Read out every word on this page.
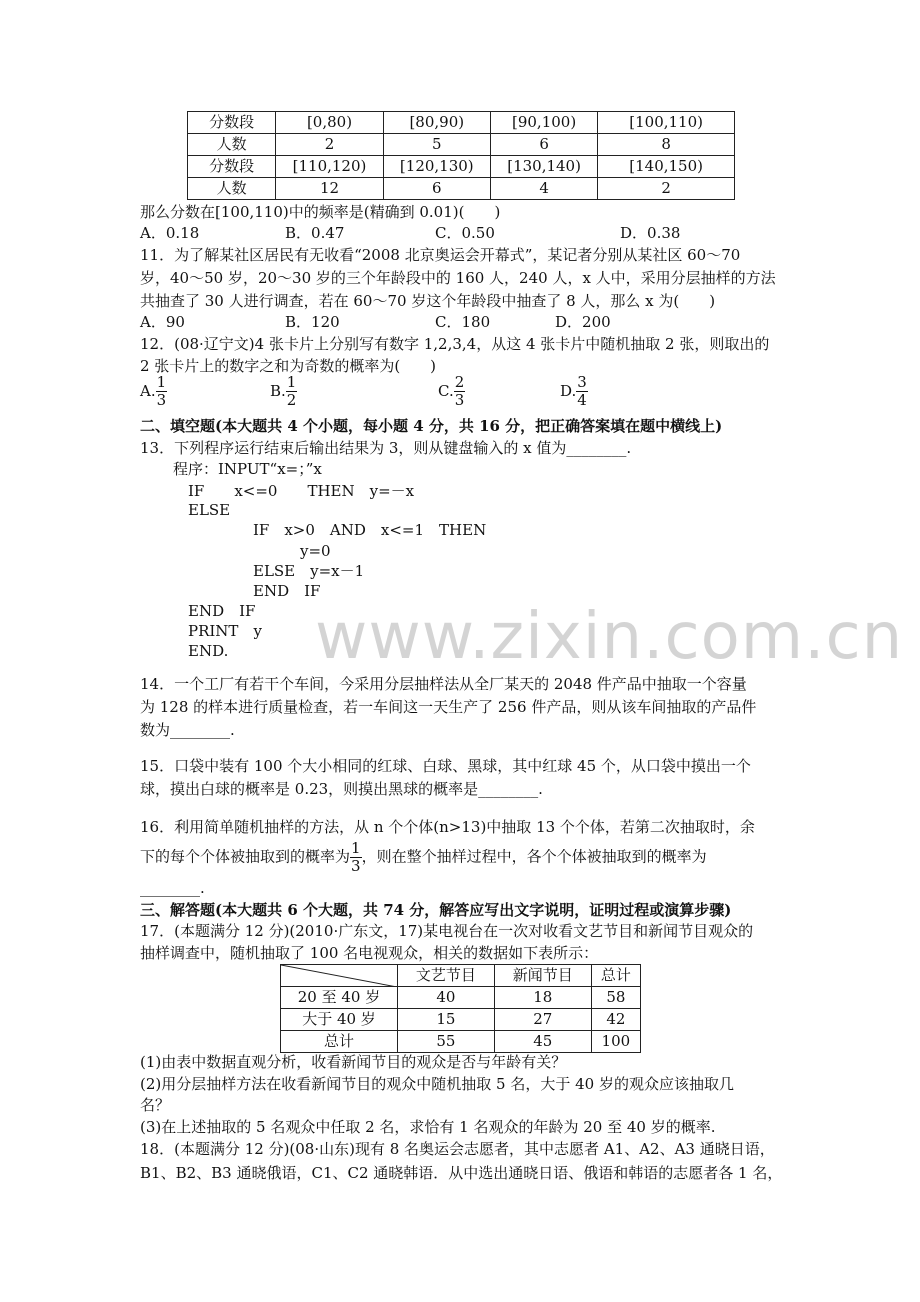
www.zixin.com.cn
分数段	[0,80)	[80,90)	[90,100)	[100,110)
人数	2	5	6	8
分数段	[110,120)	[120,130)	[130,140)	[140,150)
人数	12	6	4	2
那么分数在[100,110)中的频率是(精确到 0.01)(　　)
A．0.18	B．0.47	C．0.50	D．0.38
11．为了解某社区居民有无收看“2008 北京奥运会开幕式”，某记者分别从某社区 60～70
岁，40～50 岁，20～30 岁的三个年龄段中的 160 人，240 人，x 人中，采用分层抽样的方法
共抽查了 30 人进行调查，若在 60～70 岁这个年龄段中抽查了 8 人，那么 x 为(　　)
A．90	B．120	C．180	D．200
12．(08·辽宁文)4 张卡片上分别写有数字 1,2,3,4，从这 4 张卡片中随机抽取 2 张，则取出的
2 张卡片上的数字之和为奇数的概率为(　　)
A. $\frac{1}{3}$	B. $\frac{1}{2}$	C. $\frac{2}{3}$	D. $\frac{3}{4}$
二、填空题(本大题共 4 个小题，每小题 4 分，共 16 分，把正确答案填在题中横线上)
13．下列程序运行结束后输出结果为 3，则从键盘输入的 x 值为________.
程序：INPUT“x=；”x
IF　　x<=0　　THEN　y=－x
ELSE
IF　x>0　AND　x<=1　THEN
y=0
ELSE　y=x－1
END　IF
END　IF
PRINT　y
END.
14．一个工厂有若干个车间，今采用分层抽样法从全厂某天的 2048 件产品中抽取一个容量
为 128 的样本进行质量检查，若一车间这一天生产了 256 件产品，则从该车间抽取的产品件
数为________.
15．口袋中装有 100 个大小相同的红球、白球、黑球，其中红球 45 个，从口袋中摸出一个
球，摸出白球的概率是 0.23，则摸出黑球的概率是________.
16．利用简单随机抽样的方法，从 n 个个体(n>13)中抽取 13 个个体，若第二次抽取时，余
下的每个个体被抽取到的概率为 $\frac{1}{3}$ ，则在整个抽样过程中，各个个体被抽取到的概率为
________.
三、解答题(本大题共 6 个大题，共 74 分，解答应写出文字说明，证明过程或演算步骤)
17．(本题满分 12 分)(2010·广东文，17)某电视台在一次对收看文艺节目和新闻节目观众的
抽样调查中，随机抽取了 100 名电视观众，相关的数据如下表所示：
	文艺节目	新闻节目	总计
20 至 40 岁	40	18	58
大于 40 岁	15	27	42
总计	55	45	100
(1)由表中数据直观分析，收看新闻节目的观众是否与年龄有关？
(2)用分层抽样方法在收看新闻节目的观众中随机抽取 5 名，大于 40 岁的观众应该抽取几
名？
(3)在上述抽取的 5 名观众中任取 2 名，求恰有 1 名观众的年龄为 20 至 40 岁的概率.
18．(本题满分 12 分)(08·山东)现有 8 名奥运会志愿者，其中志愿者 A1、A2、A3 通晓日语，
B1、B2、B3 通晓俄语，C1、C2 通晓韩语．从中选出通晓日语、俄语和韩语的志愿者各 1 名，
